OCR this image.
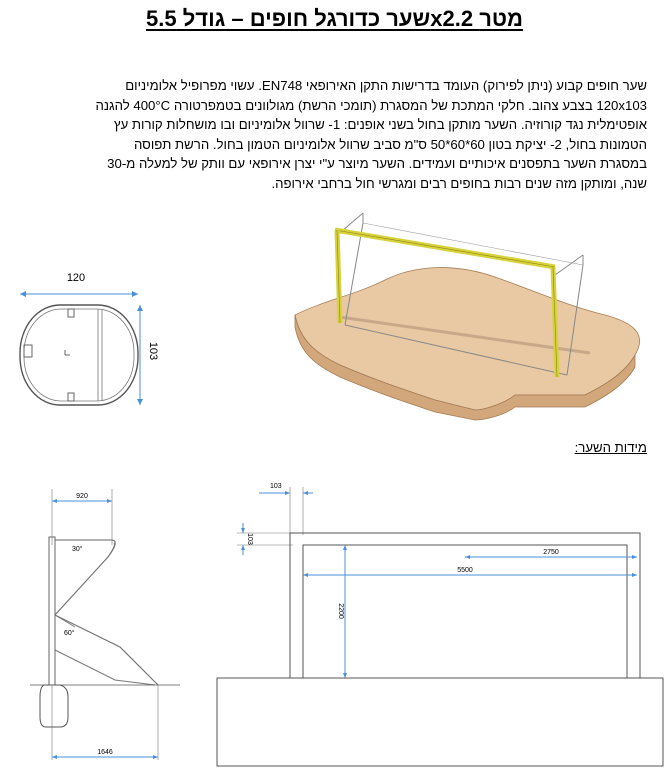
שער כדורגל חופים – גודל 5.5x2.2 מטר

שער חופים קבוע (ניתן לפירוק) העומד בדרישות התקן האירופאי EN748. עשוי מפרופיל אלומיניום

120x103 בצבע צהוב. חלקי המתכת של המסגרת (תומכי הרשת) מגולוונים בטמפרטורה 400°C להגנה

אופטימלית נגד קורוזיה. השער מותקן בחול בשני אופנים: 1- שרוול אלומיניום ובו מושחלות קורות עץ

הטמונות בחול, 2- יציקת בטון 60*60*50 ס"מ סביב שרוול אלומיניום הטמון בחול. הרשת תפוסה

במסגרת השער בתפסנים איכותיים ועמידים. השער מיוצר ע"י יצרן אירופאי עם וותק של למעלה מ-30

שנה, ומותקן מזה שנים רבות בחופים רבים ומגרשי חול ברחבי אירופה.

120
103
מידות השער:
920
30°
60°
1646
103
103
2750
5500
2200
